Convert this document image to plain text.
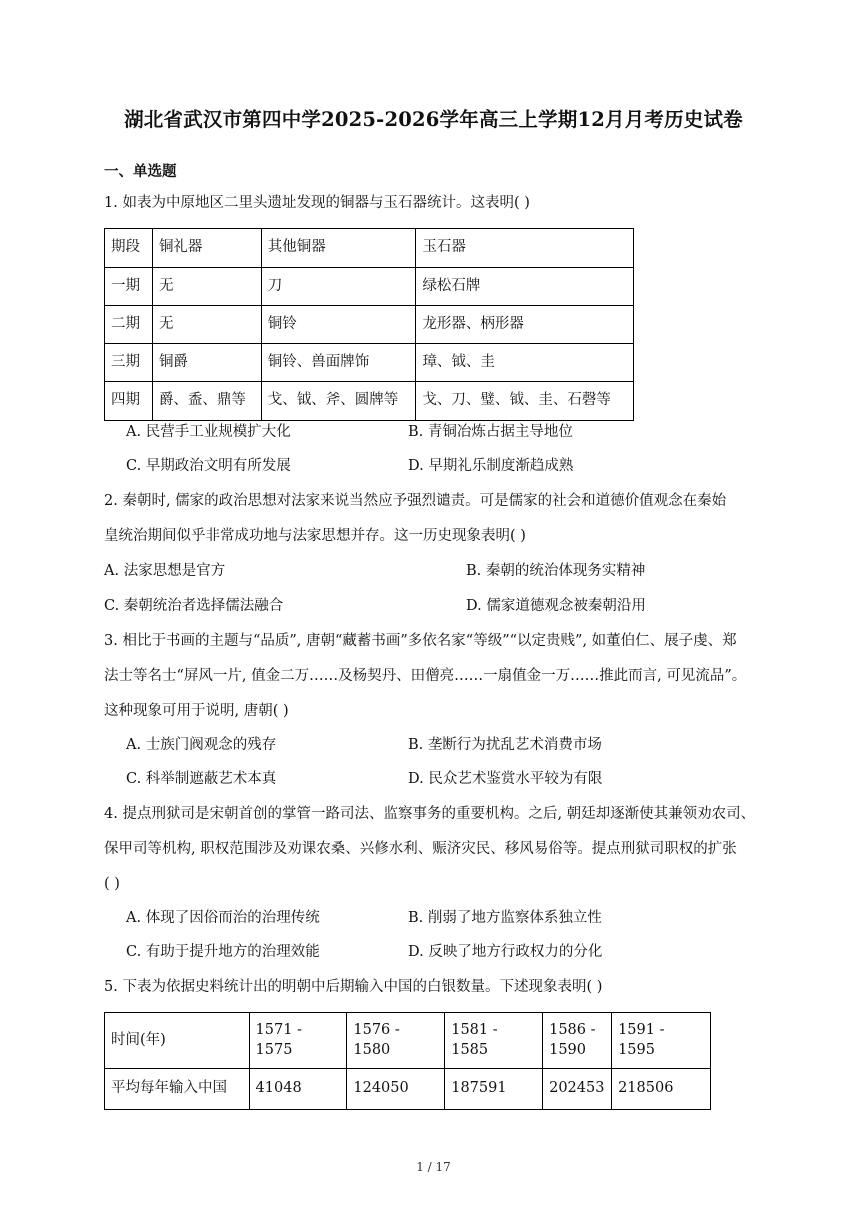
湖北省武汉市第四中学2025-2026学年高三上学期12月月考历史试卷
一、单选题
1. 如表为中原地区二里头遗址发现的铜器与玉石器统计。这表明( )
期段	铜礼器	其他铜器	玉石器
一期	无	刀	绿松石牌
二期	无	铜铃	龙形器、柄形器
三期	铜爵	铜铃、兽面牌饰	璋、钺、圭
四期	爵、盉、鼎等	戈、钺、斧、圆牌等	戈、刀、璧、钺、圭、石磬等
A. 民营手工业规模扩大化	B. 青铜冶炼占据主导地位
C. 早期政治文明有所发展	D. 早期礼乐制度渐趋成熟
2. 秦朝时, 儒家的政治思想对法家来说当然应予强烈谴责。可是儒家的社会和道德价值观念在秦始
皇统治期间似乎非常成功地与法家思想并存。这一历史现象表明( )
A. 法家思想是官方	B. 秦朝的统治体现务实精神
C. 秦朝统治者选择儒法融合	D. 儒家道德观念被秦朝沿用
3. 相比于书画的主题与“品质”, 唐朝“藏蓄书画”多依名家“等级”“以定贵贱”, 如董伯仁、展子虔、郑
法士等名士“屏风一片, 值金二万……及杨契丹、田僧亮……一扇值金一万……推此而言, 可见流品”。
这种现象可用于说明, 唐朝( )
A. 士族门阀观念的残存	B. 垄断行为扰乱艺术消费市场
C. 科举制遮蔽艺术本真	D. 民众艺术鉴赏水平较为有限
4. 提点刑狱司是宋朝首创的掌管一路司法、监察事务的重要机构。之后, 朝廷却逐渐使其兼领劝农司、
保甲司等机构, 职权范围涉及劝课农桑、兴修水利、赈济灾民、移风易俗等。提点刑狱司职权的扩张
( )
A. 体现了因俗而治的治理传统	B. 削弱了地方监察体系独立性
C. 有助于提升地方的治理效能	D. 反映了地方行政权力的分化
5. 下表为依据史料统计出的明朝中后期输入中国的白银数量。下述现象表明( )
时间(年)	1571 - 1575	1576 - 1580	1581 - 1585	1586 - 1590	1591 - 1595
平均每年输入中国	41048	124050	187591	202453	218506
1 / 17
